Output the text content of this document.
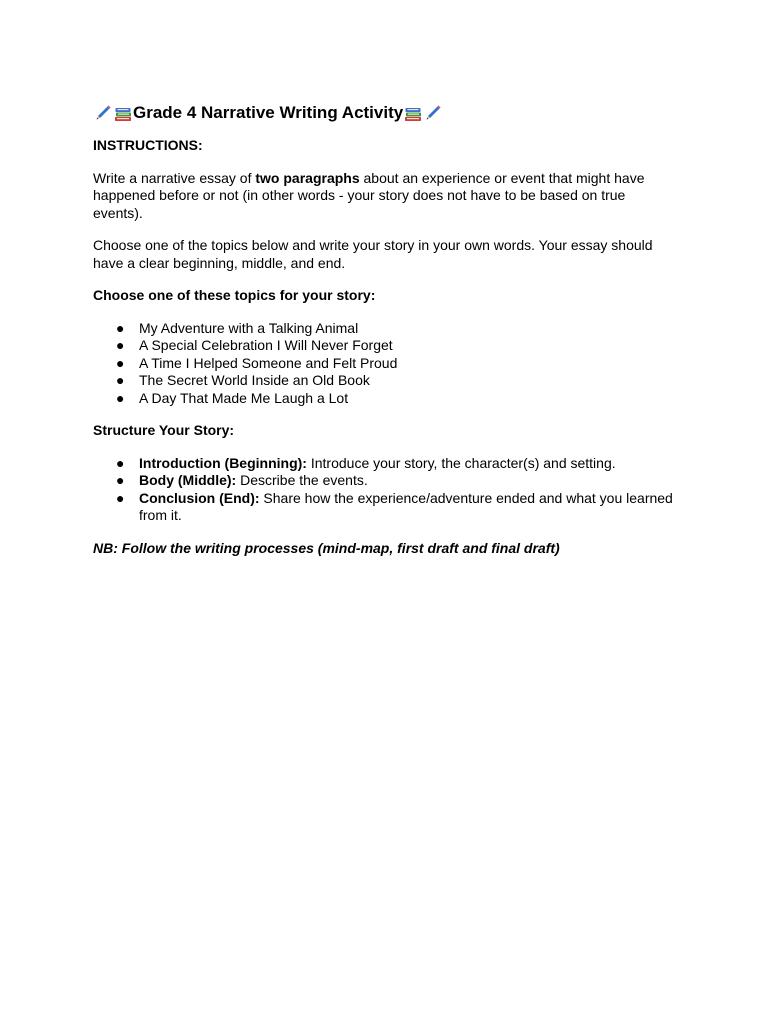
Grade 4 Narrative Writing Activity
INSTRUCTIONS:

Write a narrative essay of two paragraphs about an experience or event that might have happened before or not (in other words - your story does not have to be based on true events).

Choose one of the topics below and write your story in your own words. Your essay should have a clear beginning, middle, and end.

Choose one of these topics for your story:
● My Adventure with a Talking Animal
● A Special Celebration I Will Never Forget
● A Time I Helped Someone and Felt Proud
● The Secret World Inside an Old Book
● A Day That Made Me Laugh a Lot
Structure Your Story:
● Introduction (Beginning): Introduce your story, the character(s) and setting.
● Body (Middle): Describe the events.
● Conclusion (End): Share how the experience/adventure ended and what you learned from it.
NB: Follow the writing processes (mind-map, first draft and final draft)
